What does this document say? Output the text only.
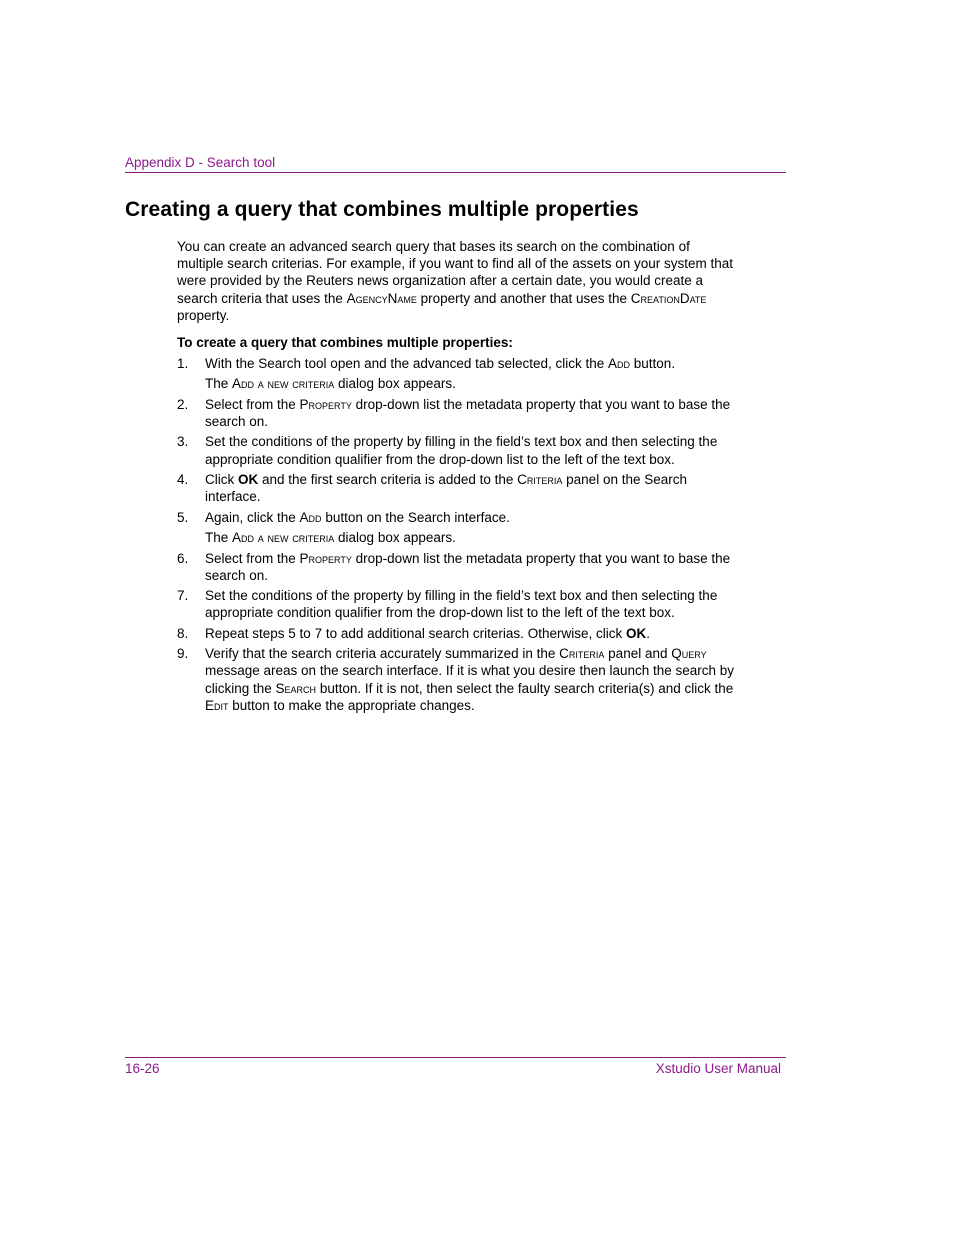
Appendix D - Search tool
Creating a query that combines multiple properties

You can create an advanced search query that bases its search on the combination of multiple search criterias. For example, if you want to find all of the assets on your system that were provided by the Reuters news organization after a certain date, you would create a search criteria that uses the AgencyName property and another that uses the CreationDate property.

To create a query that combines multiple properties:

1. With the Search tool open and the advanced tab selected, click the Add button.
The Add a new criteria dialog box appears.
2. Select from the Property drop-down list the metadata property that you want to base the search on.
3. Set the conditions of the property by filling in the field’s text box and then selecting the appropriate condition qualifier from the drop-down list to the left of the text box.
4. Click OK and the first search criteria is added to the Criteria panel on the Search interface.
5. Again, click the Add button on the Search interface.
The Add a new criteria dialog box appears.
6. Select from the Property drop-down list the metadata property that you want to base the search on.
7. Set the conditions of the property by filling in the field’s text box and then selecting the appropriate condition qualifier from the drop-down list to the left of the text box.
8. Repeat steps 5 to 7 to add additional search criterias. Otherwise, click OK.
9. Verify that the search criteria accurately summarized in the Criteria panel and Query message areas on the search interface. If it is what you desire then launch the search by clicking the Search button. If it is not, then select the faulty search criteria(s) and click the Edit button to make the appropriate changes.
16-26	Xstudio User Manual
